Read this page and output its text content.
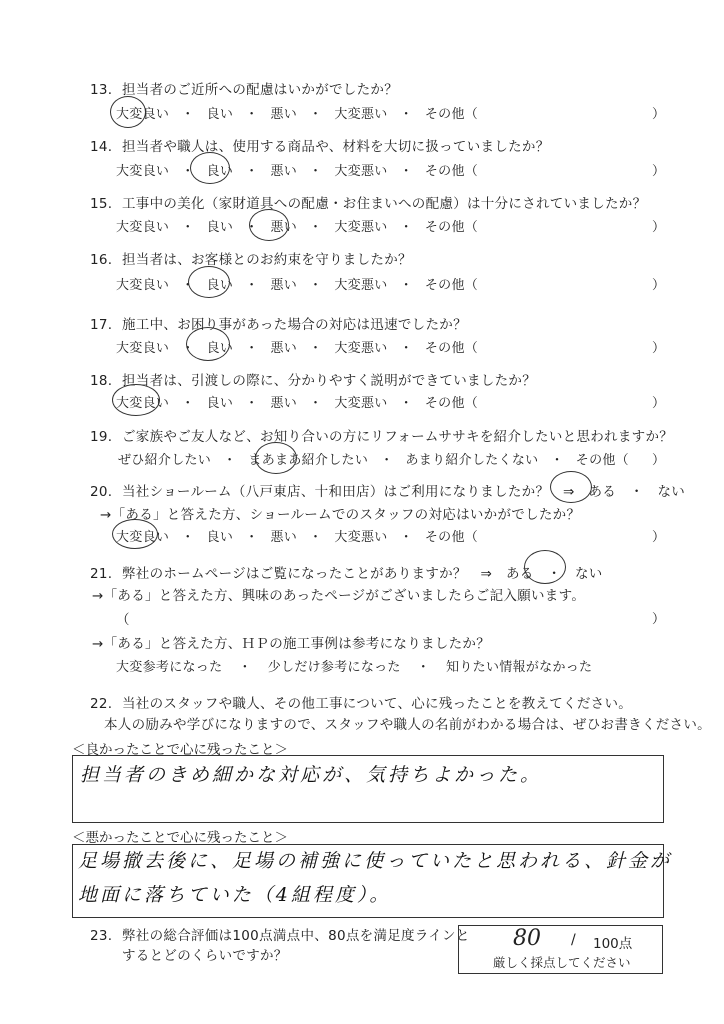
13. 担当者のご近所への配慮はいかがでしたか？
大変良い ・ 良い ・ 悪い ・ 大変悪い ・ その他（	）
14. 担当者や職人は、使用する商品や、材料を大切に扱っていましたか？
大変良い ・ 良い ・ 悪い ・ 大変悪い ・ その他（	）
15. 工事中の美化（家財道具への配慮・お住まいへの配慮）は十分にされていましたか？
大変良い ・ 良い ・ 悪い ・ 大変悪い ・ その他（	）
16. 担当者は、お客様とのお約束を守りましたか？
大変良い ・ 良い ・ 悪い ・ 大変悪い ・ その他（	）
17. 施工中、お困り事があった場合の対応は迅速でしたか？
大変良い ・ 良い ・ 悪い ・ 大変悪い ・ その他（	）
18. 担当者は、引渡しの際に、分かりやすく説明ができていましたか？
大変良い ・ 良い ・ 悪い ・ 大変悪い ・ その他（	）
19. ご家族やご友人など、お知り合いの方にリフォームササキを紹介したいと思われますか？
ぜひ紹介したい ・ まあまあ紹介したい ・ あまり紹介したくない ・ その他（ ）
20. 当社ショールーム（八戸東店、十和田店）はご利用になりましたか？　⇒　ある　・　ない
→「ある」と答えた方、ショールームでのスタッフの対応はいかがでしたか？
大変良い ・ 良い ・ 悪い ・ 大変悪い ・ その他（	）
21. 弊社のホームページはご覧になったことがありますか？　⇒　ある　・　ない
→「ある」と答えた方、興味のあったページがございましたらご記入願います。
（	）
→「ある」と答えた方、ＨＰの施工事例は参考になりましたか？
大変参考になった ・ 少しだけ参考になった ・ 知りたい情報がなかった
22. 当社のスタッフや職人、その他工事について、心に残ったことを教えてください。
本人の励みや学びになりますので、スタッフや職人の名前がわかる場合は、ぜひお書きください。
＜良かったことで心に残ったこと＞
担当者のきめ細かな対応が、気持ちよかった。
＜悪かったことで心に残ったこと＞
足場撤去後に、足場の補強に使っていたと思われる、針金が
地面に落ちていた（4組程度）。
23. 弊社の総合評価は100点満点中、80点を満足度ラインと
するとどのくらいですか？
80 / 100点
厳しく採点してください
